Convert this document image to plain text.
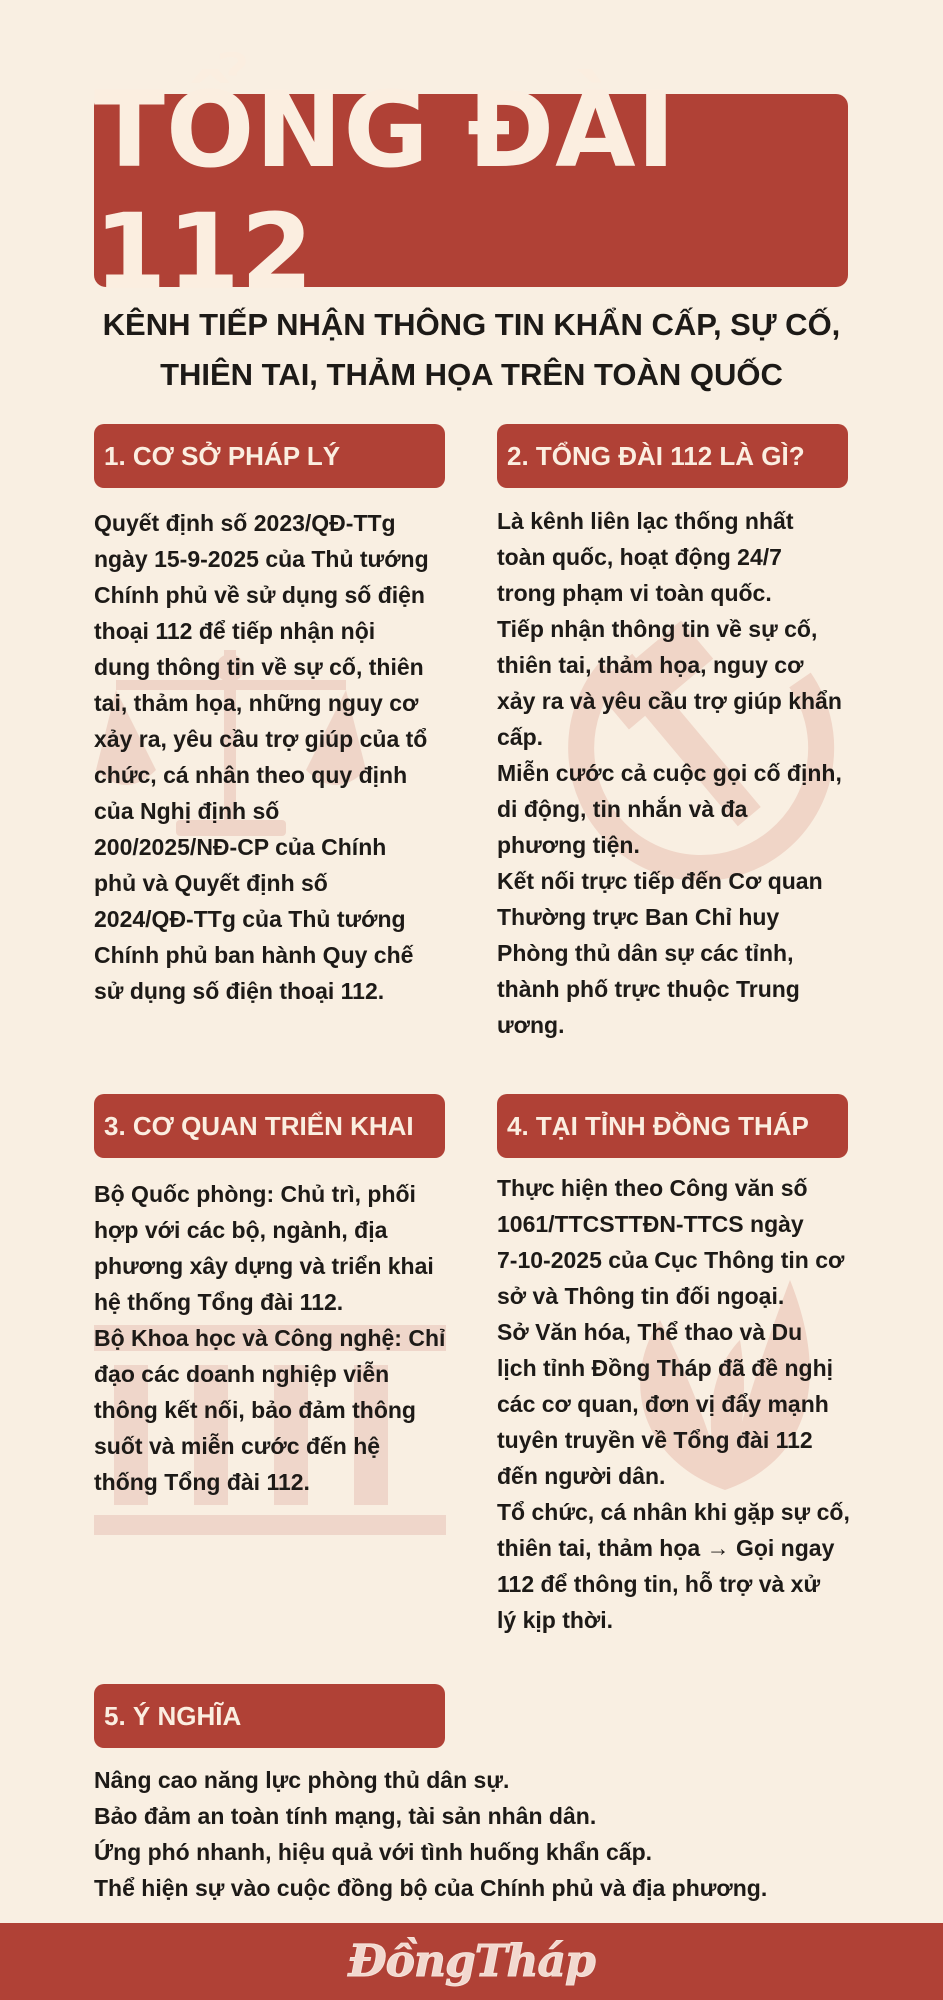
TỔNG ĐÀI 112
KÊNH TIẾP NHẬN THÔNG TIN KHẨN CẤP, SỰ CỐ,
THIÊN TAI, THẢM HỌA TRÊN TOÀN QUỐC
1. CƠ SỞ PHÁP LÝ

Quyết định số 2023/QĐ-TTg

ngày 15-9-2025 của Thủ tướng

Chính phủ về sử dụng số điện

thoại 112 để tiếp nhận nội

dung thông tin về sự cố, thiên

tai, thảm họa, những nguy cơ

xảy ra, yêu cầu trợ giúp của tổ

chức, cá nhân theo quy định

của Nghị định số

200/2025/NĐ-CP của Chính

phủ và Quyết định số

2024/QĐ-TTg của Thủ tướng

Chính phủ ban hành Quy chế

sử dụng số điện thoại 112.

2. TỔNG ĐÀI 112 LÀ GÌ?

Là kênh liên lạc thống nhất

toàn quốc, hoạt động 24/7

trong phạm vi toàn quốc.

Tiếp nhận thông tin về sự cố,

thiên tai, thảm họa, nguy cơ

xảy ra và yêu cầu trợ giúp khẩn

cấp.

Miễn cước cả cuộc gọi cố định,

di động, tin nhắn và đa

phương tiện.

Kết nối trực tiếp đến Cơ quan

Thường trực Ban Chỉ huy

Phòng thủ dân sự các tỉnh,

thành phố trực thuộc Trung

ương.

3. CƠ QUAN TRIỂN KHAI

Bộ Quốc phòng: Chủ trì, phối

hợp với các bộ, ngành, địa

phương xây dựng và triển khai

hệ thống Tổng đài 112.

Bộ Khoa học và Công nghệ: Chỉ

đạo các doanh nghiệp viễn

thông kết nối, bảo đảm thông

suốt và miễn cước đến hệ

thống Tổng đài 112.

4. TẠI TỈNH ĐỒNG THÁP

Thực hiện theo Công văn số

1061/TTCSTTĐN-TTCS ngày

7-10-2025 của Cục Thông tin cơ

sở và Thông tin đối ngoại.

Sở Văn hóa, Thể thao và Du

lịch tỉnh Đồng Tháp đã đề nghị

các cơ quan, đơn vị đẩy mạnh

tuyên truyền về Tổng đài 112

đến người dân.

Tổ chức, cá nhân khi gặp sự cố,

thiên tai, thảm họa → Gọi ngay

112 để thông tin, hỗ trợ và xử

lý kịp thời.

5. Ý NGHĨA

Nâng cao năng lực phòng thủ dân sự.

Bảo đảm an toàn tính mạng, tài sản nhân dân.

Ứng phó nhanh, hiệu quả với tình huống khẩn cấp.

Thể hiện sự vào cuộc đồng bộ của Chính phủ và địa phương.

ĐồngTháp
